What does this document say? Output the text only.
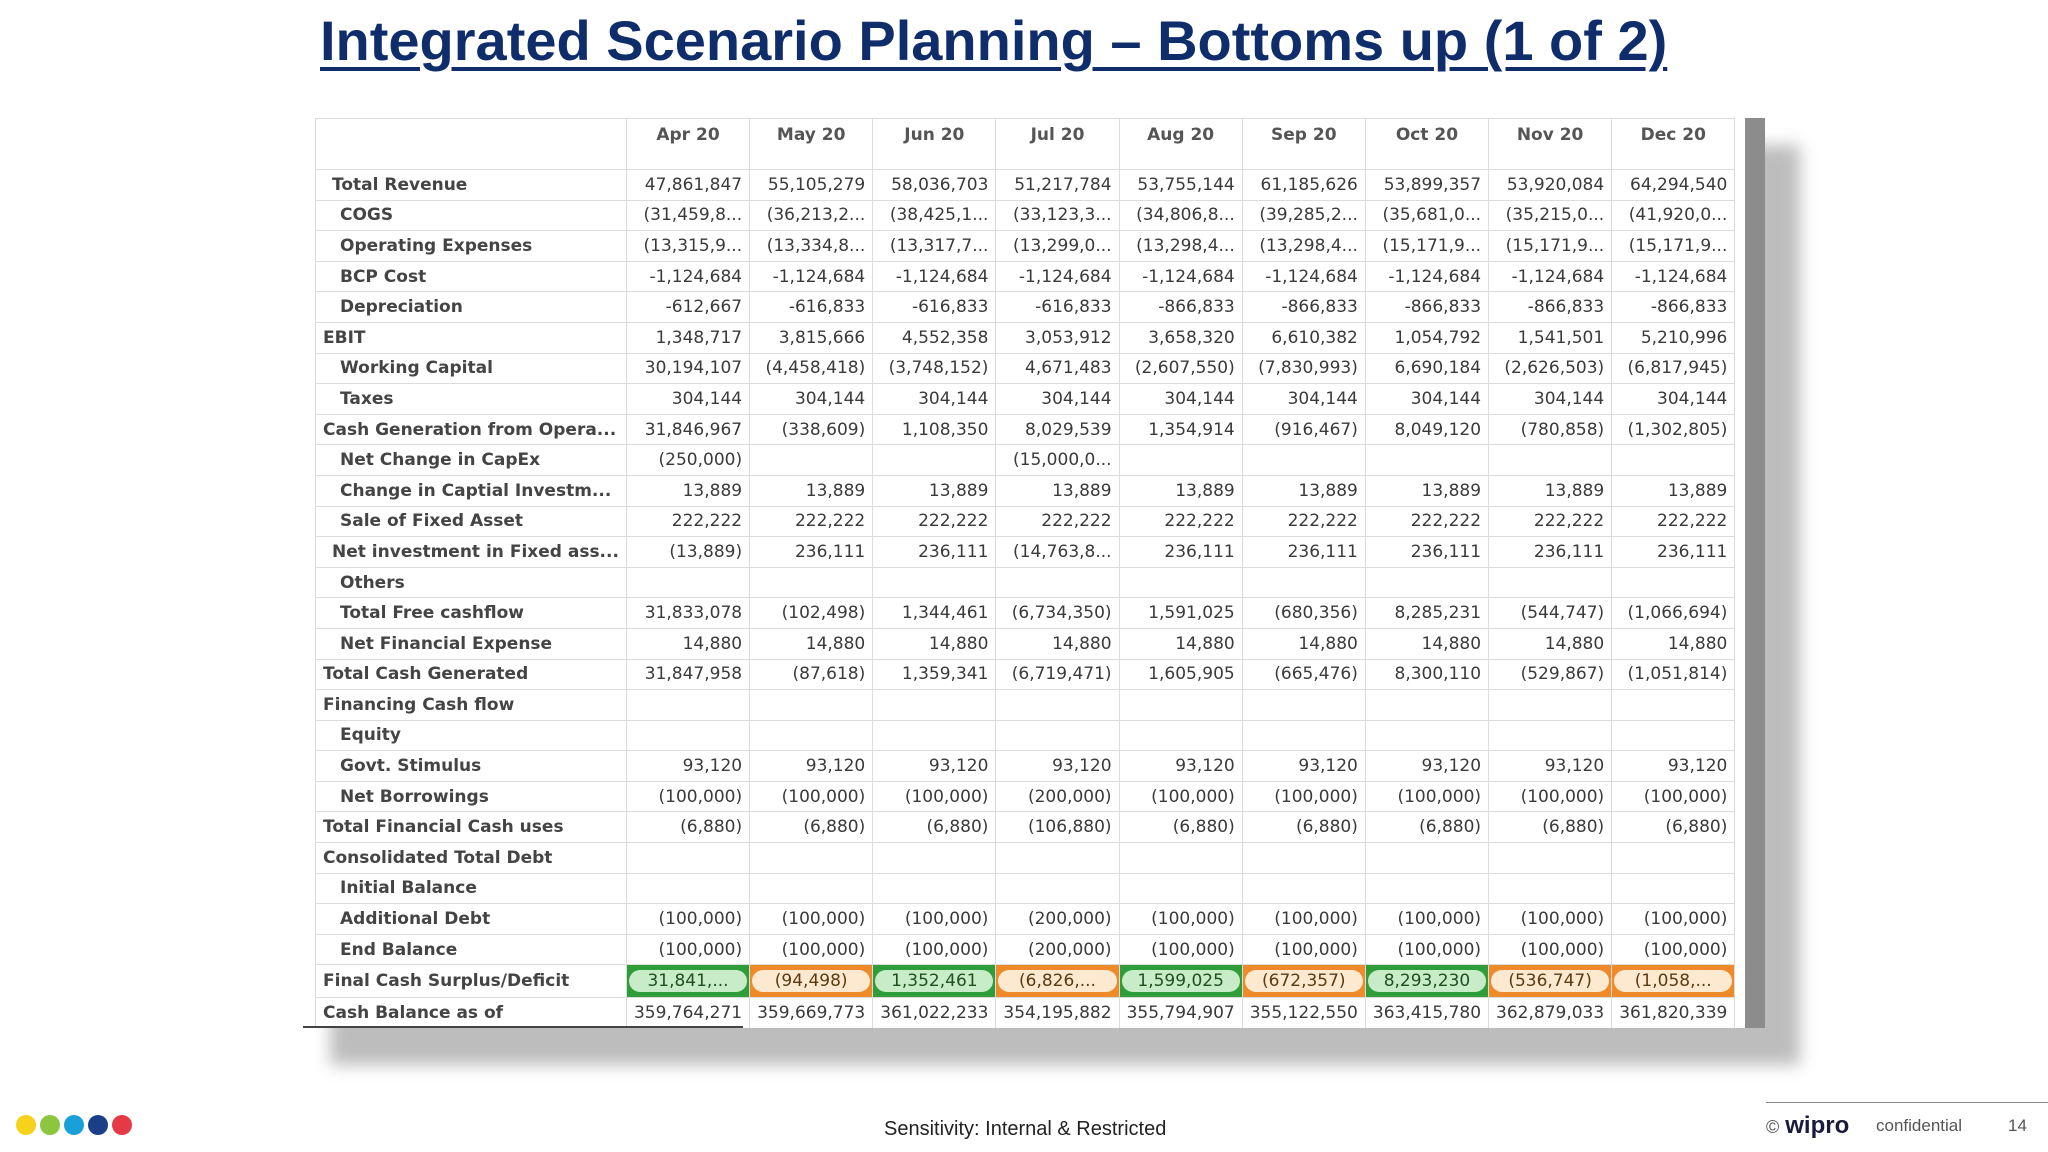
Integrated Scenario Planning – Bottoms up (1 of 2)
	Apr 20	May 20	Jun 20	Jul 20	Aug 20	Sep 20	Oct 20	Nov 20	Dec 20
Total Revenue	47,861,847	55,105,279	58,036,703	51,217,784	53,755,144	61,185,626	53,899,357	53,920,084	64,294,540
COGS	(31,459,8...	(36,213,2...	(38,425,1...	(33,123,3...	(34,806,8...	(39,285,2...	(35,681,0...	(35,215,0...	(41,920,0...
Operating Expenses	(13,315,9...	(13,334,8...	(13,317,7...	(13,299,0...	(13,298,4...	(13,298,4...	(15,171,9...	(15,171,9...	(15,171,9...
BCP Cost	-1,124,684	-1,124,684	-1,124,684	-1,124,684	-1,124,684	-1,124,684	-1,124,684	-1,124,684	-1,124,684
Depreciation	-612,667	-616,833	-616,833	-616,833	-866,833	-866,833	-866,833	-866,833	-866,833
EBIT	1,348,717	3,815,666	4,552,358	3,053,912	3,658,320	6,610,382	1,054,792	1,541,501	5,210,996
Working Capital	30,194,107	(4,458,418)	(3,748,152)	4,671,483	(2,607,550)	(7,830,993)	6,690,184	(2,626,503)	(6,817,945)
Taxes	304,144	304,144	304,144	304,144	304,144	304,144	304,144	304,144	304,144
Cash Generation from Opera...	31,846,967	(338,609)	1,108,350	8,029,539	1,354,914	(916,467)	8,049,120	(780,858)	(1,302,805)
Net Change in CapEx	(250,000)			(15,000,0...					
Change in Captial Investm...	13,889	13,889	13,889	13,889	13,889	13,889	13,889	13,889	13,889
Sale of Fixed Asset	222,222	222,222	222,222	222,222	222,222	222,222	222,222	222,222	222,222
Net investment in Fixed ass...	(13,889)	236,111	236,111	(14,763,8...	236,111	236,111	236,111	236,111	236,111
Others									
Total Free cashflow	31,833,078	(102,498)	1,344,461	(6,734,350)	1,591,025	(680,356)	8,285,231	(544,747)	(1,066,694)
Net Financial Expense	14,880	14,880	14,880	14,880	14,880	14,880	14,880	14,880	14,880
Total Cash Generated	31,847,958	(87,618)	1,359,341	(6,719,471)	1,605,905	(665,476)	8,300,110	(529,867)	(1,051,814)
Financing Cash flow									
Equity									
Govt. Stimulus	93,120	93,120	93,120	93,120	93,120	93,120	93,120	93,120	93,120
Net Borrowings	(100,000)	(100,000)	(100,000)	(200,000)	(100,000)	(100,000)	(100,000)	(100,000)	(100,000)
Total Financial Cash uses	(6,880)	(6,880)	(6,880)	(106,880)	(6,880)	(6,880)	(6,880)	(6,880)	(6,880)
Consolidated Total Debt									
Initial Balance									
Additional Debt	(100,000)	(100,000)	(100,000)	(200,000)	(100,000)	(100,000)	(100,000)	(100,000)	(100,000)
End Balance	(100,000)	(100,000)	(100,000)	(200,000)	(100,000)	(100,000)	(100,000)	(100,000)	(100,000)
Final Cash Surplus/Deficit	31,841,...	(94,498)	1,352,461	(6,826,...	1,599,025	(672,357)	8,293,230	(536,747)	(1,058,...

Cash Balance as of	359,764,271	359,669,773	361,022,233	354,195,882	355,794,907	355,122,550	363,415,780	362,879,033	361,820,339
Sensitivity: Internal & Restricted	© wipro confidential	14
